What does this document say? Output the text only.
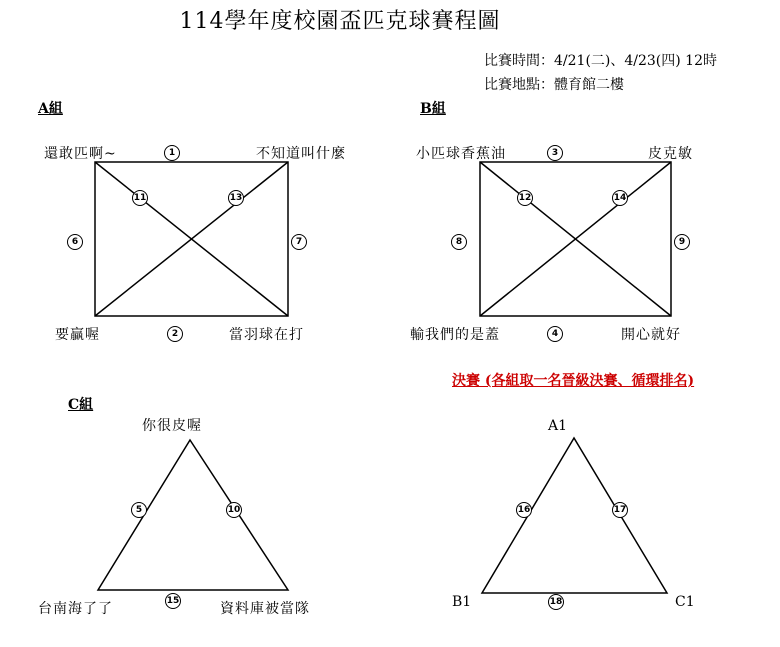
114學年度校園盃匹克球賽程圖
比賽時間：4/21(二)、4/23(四) 12時
比賽地點：體育館二樓
A組
還敢匹啊~	不知道叫什麼
要贏喔	當羽球在打
1
2
6	7
11	13
B組
小匹球香蕉油	皮克敏
輸我們的是蓋	開心就好
3
4
8	9
12	14
C組
你很皮喔
台南海了了	資料庫被當隊
5	10
15
決賽 (各組取一名晉級決賽、循環排名)
A1
B1	C1
16	17
18
